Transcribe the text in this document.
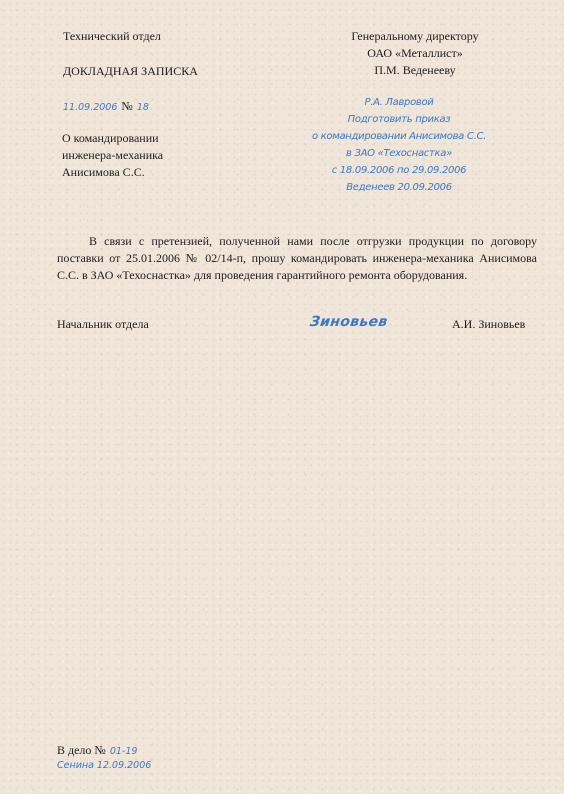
Технический отдел
ДОКЛАДНАЯ ЗАПИСКА
11.09.2006 № 18
О командировании
инженера-механика
Анисимова С.С.
Генеральному директору
ОАО «Металлист»
П.М. Веденееву
Р.А. Лавровой
Подготовить приказ
о командировании Анисимова С.С.
в ЗАО «Техоснастка»
с 18.09.2006 по 29.09.2006
Веденеев 20.09.2006
В связи с претензией, полученной нами после отгрузки продукции по договору поставки от 25.01.2006 № 02/14-п, прошу командировать инженера-механика Анисимова С.С. в ЗАО «Техоснастка» для проведения гарантийного ремонта оборудования.
Начальник отдела	Зиновьев	А.И. Зиновьев
В дело № 01-19
Сенина 12.09.2006
